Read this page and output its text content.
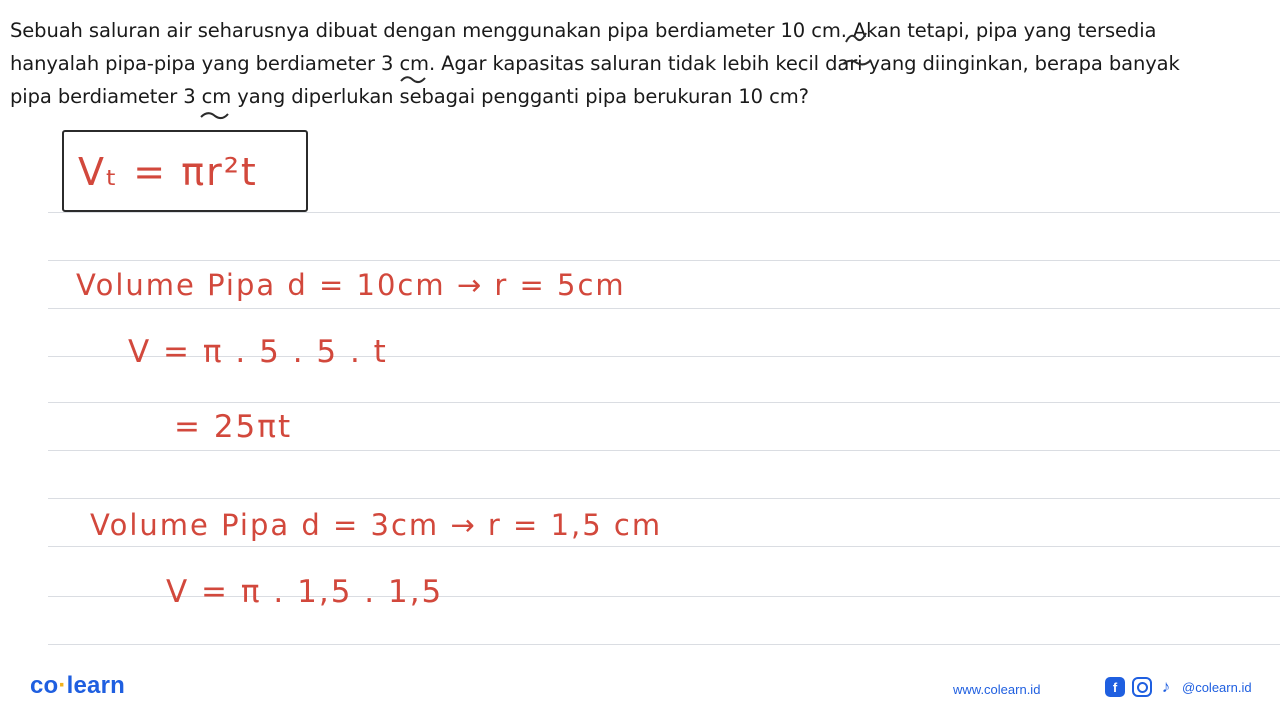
Sebuah saluran air seharusnya dibuat dengan menggunakan pipa berdiameter 10 cm. Akan tetapi, pipa yang tersedia

hanyalah pipa-pipa yang berdiameter 3 cm. Agar kapasitas saluran tidak lebih kecil dari yang diinginkan, berapa banyak

pipa berdiameter 3 cm yang diperlukan sebagai pengganti pipa berukuran 10 cm?

Vₜ = πr²t
Volume Pipa d = 10cm → r = 5cm
V = π . 5 . 5 . t
= 25πt
Volume Pipa d = 3cm → r = 1,5 cm
V = π . 1,5 . 1,5
co·learn	www.colearn.id	f	♪ @colearn.id
